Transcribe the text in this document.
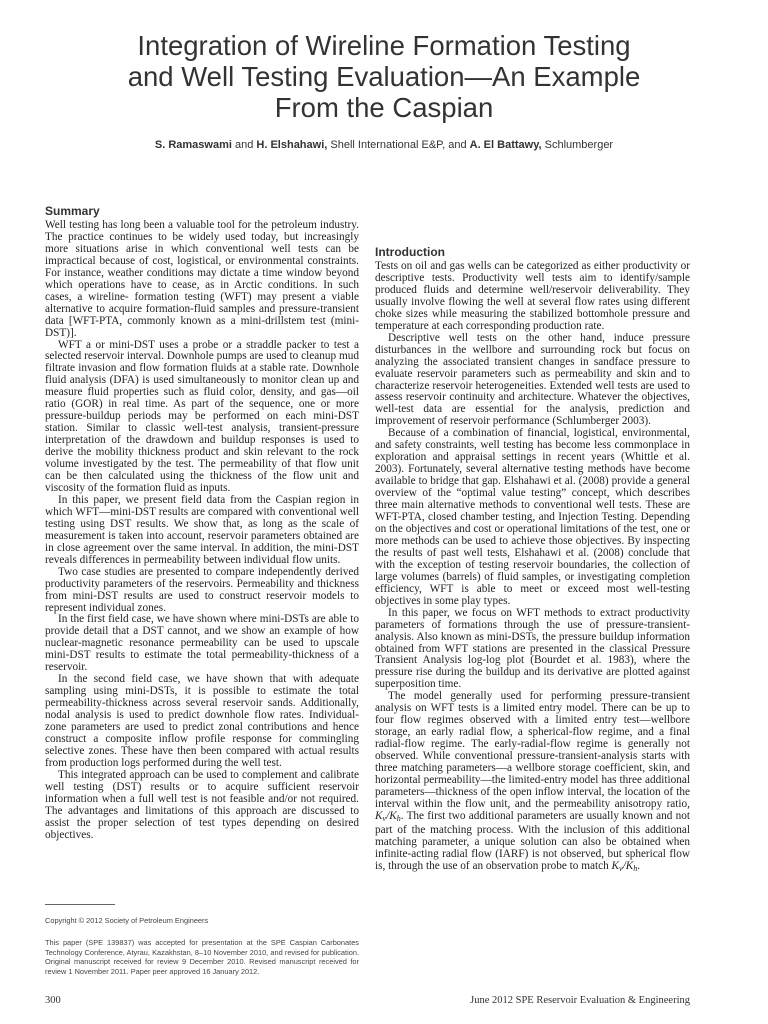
Integration of Wireline Formation Testing
and Well Testing Evaluation—An Example
From the Caspian
S. Ramaswami and H. Elshahawi, Shell International E&P, and A. El Battawy, Schlumberger
Summary

Well testing has long been a valuable tool for the petroleum industry. The practice continues to be widely used today, but increasingly more situations arise in which conventional well tests can be impractical because of cost, logistical, or environmental constraints. For instance, weather conditions may dictate a time window beyond which operations have to cease, as in Arctic conditions. In such cases, a wireline- formation testing (WFT) may present a viable alternative to acquire formation-fluid samples and pressure-transient data [WFT-PTA, commonly known as a mini-drillstem test (mini-DST)].

WFT a or mini-DST uses a probe or a straddle packer to test a selected reservoir interval. Downhole pumps are used to cleanup mud filtrate invasion and flow formation fluids at a stable rate. Downhole fluid analysis (DFA) is used simultaneously to monitor clean up and measure fluid properties such as fluid color, density, and gas—oil ratio (GOR) in real time. As part of the sequence, one or more pressure-buildup periods may be performed on each mini-DST station. Similar to classic well-test analysis, transient-pressure interpretation of the drawdown and buildup responses is used to derive the mobility thickness product and skin relevant to the rock volume investigated by the test. The permeability of that flow unit can be then calculated using the thickness of the flow unit and viscosity of the formation fluid as inputs.

In this paper, we present field data from the Caspian region in which WFT—mini-DST results are compared with conventional well testing using DST results. We show that, as long as the scale of measurement is taken into account, reservoir parameters obtained are in close agreement over the same interval. In addition, the mini-DST reveals differences in permeability between individual flow units.

Two case studies are presented to compare independently derived productivity parameters of the reservoirs. Permeability and thickness from mini-DST results are used to construct reservoir models to represent individual zones.

In the first field case, we have shown where mini-DSTs are able to provide detail that a DST cannot, and we show an example of how nuclear-magnetic resonance permeability can be used to upscale mini-DST results to estimate the total permeability-thickness of a reservoir.

In the second field case, we have shown that with adequate sampling using mini-DSTs, it is possible to estimate the total permeability-thickness across several reservoir sands. Additionally, nodal analysis is used to predict downhole flow rates. Individual-zone parameters are used to predict zonal contributions and hence construct a composite inflow profile response for commingling selective zones. These have then been compared with actual results from production logs performed during the well test.

This integrated approach can be used to complement and calibrate well testing (DST) results or to acquire sufficient reservoir information when a full well test is not feasible and/or not required. The advantages and limitations of this approach are discussed to assist the proper selection of test types depending on desired objectives.

Introduction

Tests on oil and gas wells can be categorized as either productivity or descriptive tests. Productivity well tests aim to identify/sample produced fluids and determine well/reservoir deliverability. They usually involve flowing the well at several flow rates using different choke sizes while measuring the stabilized bottomhole pressure and temperature at each corresponding production rate.

Descriptive well tests on the other hand, induce pressure disturbances in the wellbore and surrounding rock but focus on analyzing the associated transient changes in sandface pressure to evaluate reservoir parameters such as permeability and skin and to characterize reservoir heterogeneities. Extended well tests are used to assess reservoir continuity and architecture. Whatever the objectives, well-test data are essential for the analysis, prediction and improvement of reservoir performance (Schlumberger 2003).

Because of a combination of financial, logistical, environmental, and safety constraints, well testing has become less commonplace in exploration and appraisal settings in recent years (Whittle et al. 2003). Fortunately, several alternative testing methods have become available to bridge that gap. Elshahawi et al. (2008) provide a general overview of the “optimal value testing” concept, which describes three main alternative methods to conventional well tests. These are WFT-PTA, closed chamber testing, and Injection Testing. Depending on the objectives and cost or operational limitations of the test, one or more methods can be used to achieve those objectives. By inspecting the results of past well tests, Elshahawi et al. (2008) conclude that with the exception of testing reservoir boundaries, the collection of large volumes (barrels) of fluid samples, or investigating completion efficiency, WFT is able to meet or exceed most well-testing objectives in some play types.

In this paper, we focus on WFT methods to extract productivity parameters of formations through the use of pressure-transient-analysis. Also known as mini-DSTs, the pressure buildup information obtained from WFT stations are presented in the classical Pressure Transient Analysis log-log plot (Bourdet et al. 1983), where the pressure rise during the buildup and its derivative are plotted against superposition time.

The model generally used for performing pressure-transient analysis on WFT tests is a limited entry model. There can be up to four flow regimes observed with a limited entry test—wellbore storage, an early radial flow, a spherical-flow regime, and a final radial-flow regime. The early-radial-flow regime is generally not observed. While conventional pressure-transient-analysis starts with three matching parameters—a wellbore storage coefficient, skin, and horizontal permeability—the limited-entry model has three additional parameters—thickness of the open inflow interval, the location of the interval within the flow unit, and the permeability anisotropy ratio, $K_v/K_h$. The first two additional parameters are usually known and not part of the matching process. With the inclusion of this additional matching parameter, a unique solution can also be obtained when infinite-acting radial flow (IARF) is not observed, but spherical flow is, through the use of an observation probe to match $K_v/K_h$.

Copyright © 2012 Society of Petroleum Engineers
This paper (SPE 139837) was accepted for presentation at the SPE Caspian Carbonates Technology Conference, Atyrau, Kazakhstan, 8–10 November 2010, and revised for publication. Original manuscript received for review 9 December 2010. Revised manuscript received for review 1 November 2011. Paper peer approved 16 January 2012.
300	June 2012 SPE Reservoir Evaluation & Engineering
